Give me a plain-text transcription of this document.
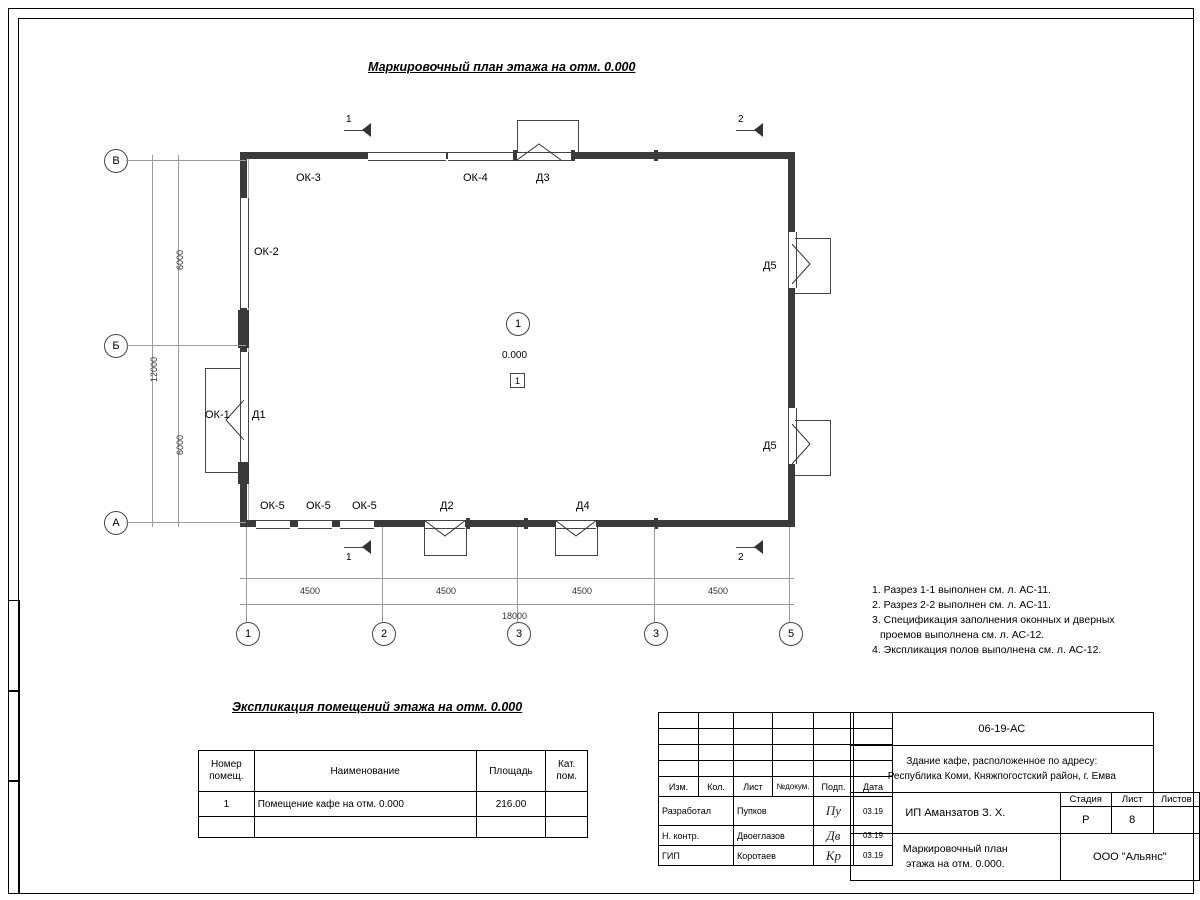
Маркировочный план этажа на отм. 0.000
ОК-3	ОК-4	Д3
ОК-2
ОК-1 Д1
Д5
Д5
ОК-5 ОК-5 ОК-5	Д2	Д4
1
0.000
1
В
Б
А
6000
6000
12000
1	2	3	3	5
4500	4500	4500	4500
18000
1	2
1	2
1. Разрез 1-1 выполнен см. л. АС-11.
2. Разрез 2-2 выполнен см. л. АС-11.
3. Спецификация заполнения оконных и дверных
проемов выполнена см. л. АС-12.
4. Экспликация полов выполнена см. л. АС-12.
Экспликация помещений этажа на отм. 0.000
Номер помещ.	Наименование	Площадь	Кат. пом.
1	Помещение кафе на отм. 0.000	216.00	

Изм.	Кол.	Лист	№докум.	Подп.	Дата
Разработал		Пупков		Пу	03.19
Н. контр.		Двоеглазов		Дв	03.19
ГИП		Коротаев		Кр	03.19
06-19-АС			

Здание кафе, расположенное по адресу:
Республика Коми, Княжпогостский район, г. Емва			

ИП Аманзатов З. Х.	Стадия	Лист	Листов
	Р	8	

Маркировочный план
этажа на отм. 0.000.	ООО "Альянс"		
